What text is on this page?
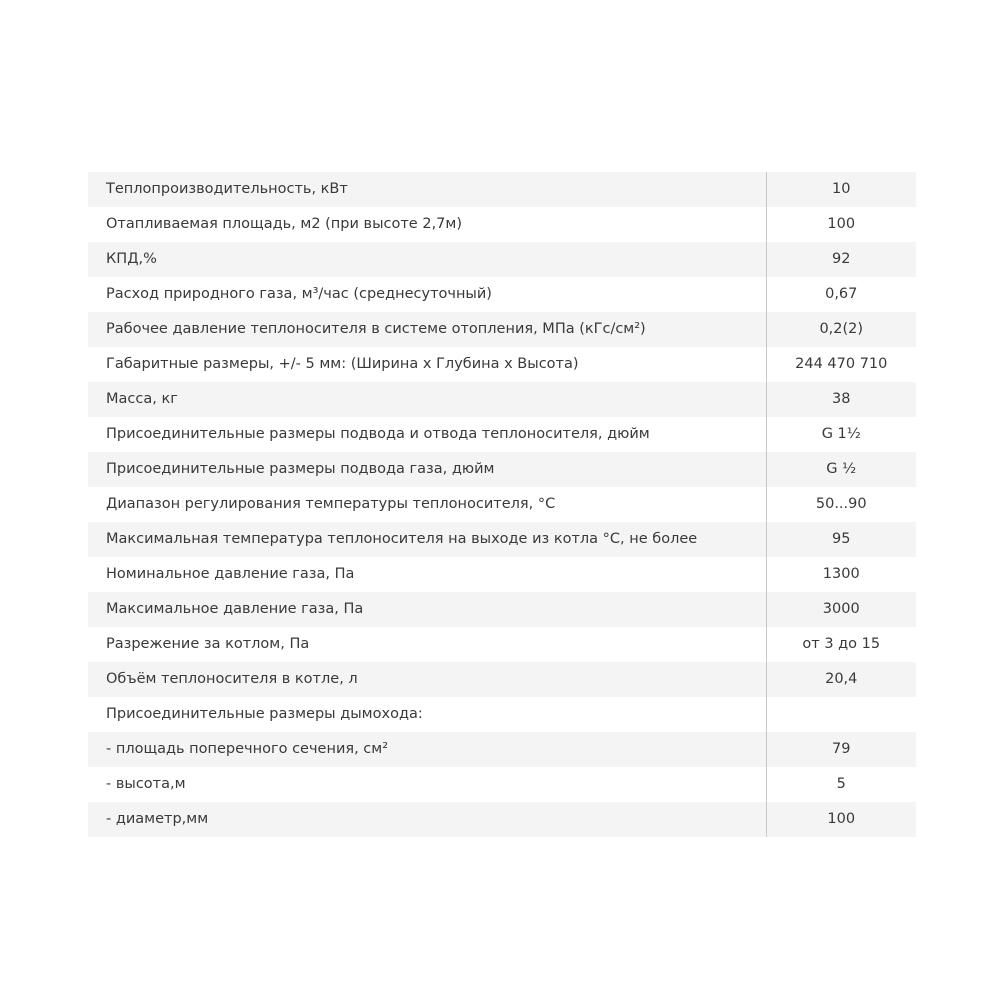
Теплопроизводительность, кВт	10
Отапливаемая площадь, м2 (при высоте 2,7м)	100
КПД,%	92
Расход природного газа, м³/час (среднесуточный)	0,67
Рабочее давление теплоносителя в системе отопления, МПа (кГс/см²)	0,2(2)
Габаритные размеры, +/- 5 мм: (Ширина х Глубина х Высота)	244 470 710
Масса, кг	38
Присоединительные размеры подвода и отвода теплоносителя, дюйм	G 1½
Присоединительные размеры подвода газа, дюйм	G ½
Диапазон регулирования температуры теплоносителя, °С	50...90
Максимальная температура теплоносителя на выходе из котла °С, не более	95
Номинальное давление газа, Па	1300
Максимальное давление газа, Па	3000
Разрежение за котлом, Па	от 3 до 15
Объём теплоносителя в котле, л	20,4
Присоединительные размеры дымохода:	
- площадь поперечного сечения, см²	79
- высота,м	5
- диаметр,мм	100
